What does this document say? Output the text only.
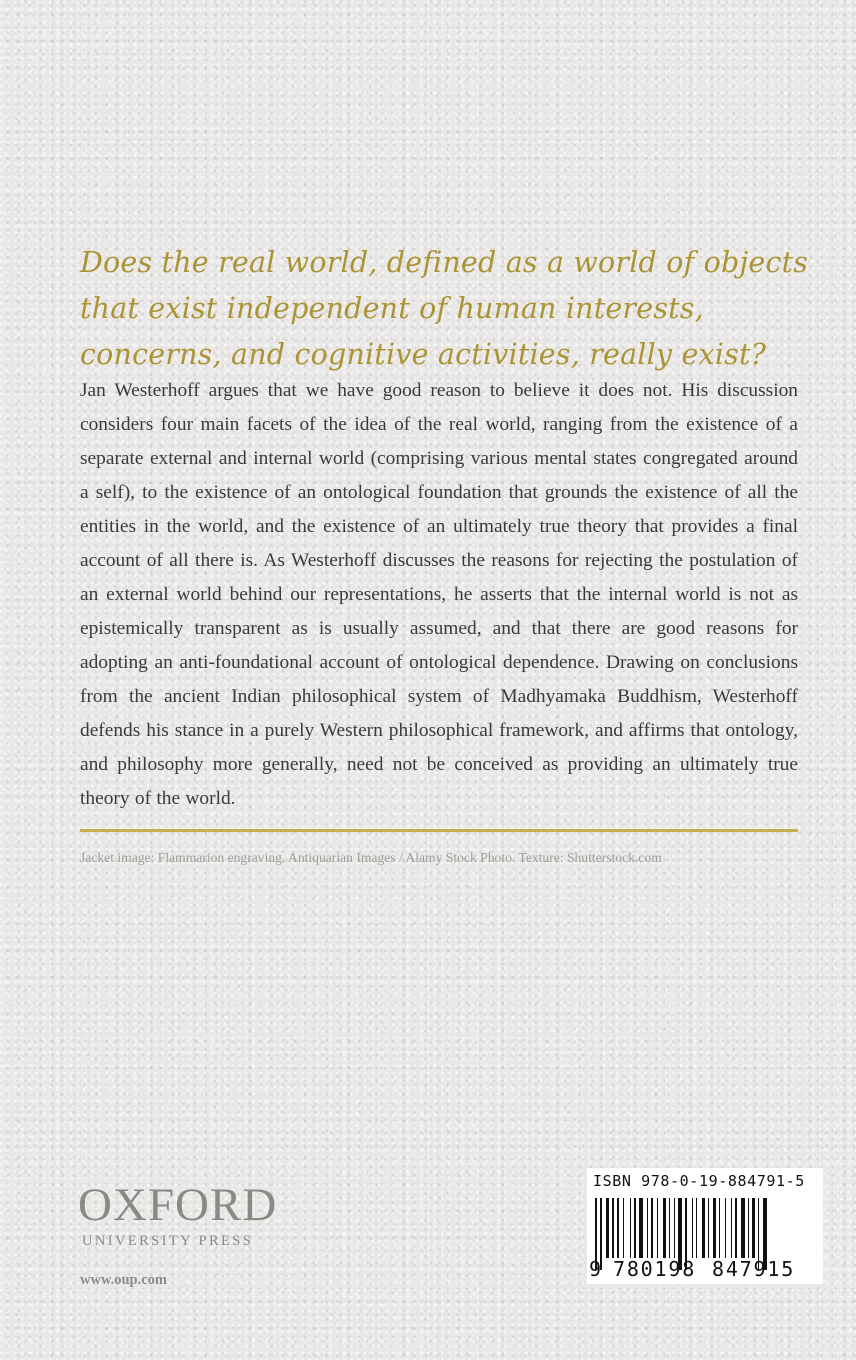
Does the real world, defined as a world of objects that exist independent of human interests, concerns, and cognitive activities, really exist?

Jan Westerhoff argues that we have good reason to believe it does not. His discussion considers four main facets of the idea of the real world, ranging from the existence of a separate external and internal world (comprising various mental states congregated around a self), to the existence of an ontological foundation that grounds the existence of all the entities in the world, and the existence of an ultimately true theory that provides a final account of all there is. As Westerhoff discusses the reasons for rejecting the postulation of an external world behind our representations, he asserts that the internal world is not as epistemically transparent as is usually assumed, and that there are good reasons for adopting an anti-foundational account of ontological dependence. Drawing on conclusions from the ancient Indian philosophical system of Madhyamaka Buddhism, Westerhoff defends his stance in a purely Western philosophical framework, and affirms that ontology, and philosophy more generally, need not be conceived as providing an ultimately true theory of the world.

Jacket image: Flammarion engraving. Antiquarian Images / Alamy Stock Photo. Texture: Shutterstock.com

OXFORD
UNIVERSITY PRESS

www.oup.com

ISBN 978-0-19-884791-5

9 780198 847915
